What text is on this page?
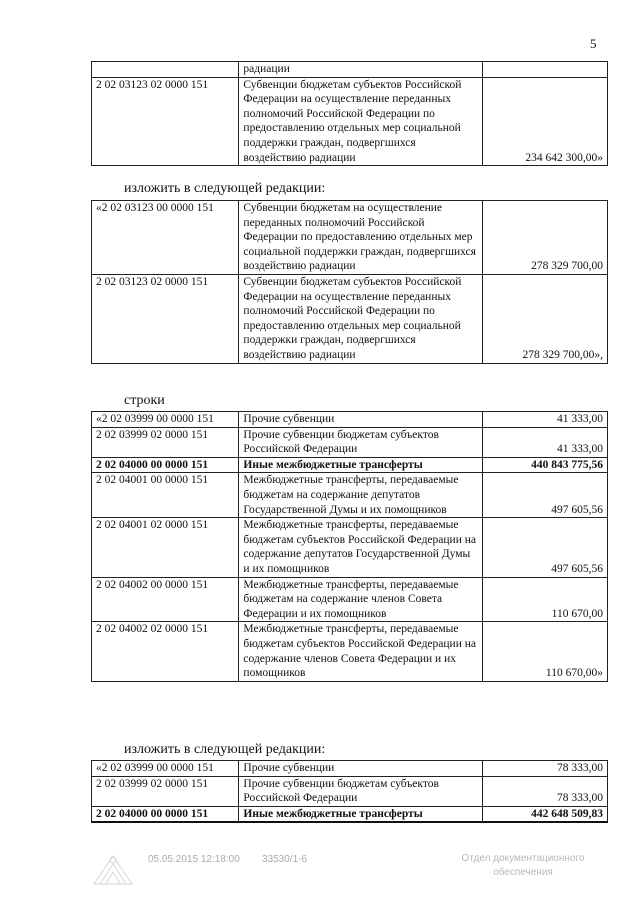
5
	радиации	
2 02 03123 02 0000 151	Субвенции бюджетам субъектов Российской Федерации на осуществление переданных полномочий Российской Федерации по предоставлению отдельных мер социальной поддержки граждан, подвергшихся воздействию радиации	234 642 300,00»
изложить в следующей редакции:
«2 02 03123 00 0000 151	Субвенции бюджетам на осуществление переданных полномочий Российской Федерации по предоставлению отдельных мер социальной поддержки граждан, подвергшихся воздействию радиации	278 329 700,00
2 02 03123 02 0000 151	Субвенции бюджетам субъектов Российской Федерации на осуществление переданных полномочий Российской Федерации по предоставлению отдельных мер социальной поддержки граждан, подвергшихся воздействию радиации	278 329 700,00»,
строки
«2 02 03999 00 0000 151	Прочие субвенции	41 333,00
2 02 03999 02 0000 151	Прочие субвенции бюджетам субъектов Российской Федерации	41 333,00
2 02 04000 00 0000 151	Иные межбюджетные трансферты	440 843 775,56
2 02 04001 00 0000 151	Межбюджетные трансферты, передаваемые бюджетам на содержание депутатов Государственной Думы и их помощников	497 605,56
2 02 04001 02 0000 151	Межбюджетные трансферты, передаваемые бюджетам субъектов Российской Федерации на содержание депутатов Государственной Думы и их помощников	497 605,56
2 02 04002 00 0000 151	Межбюджетные трансферты, передаваемые бюджетам на содержание членов Совета Федерации и их помощников	110 670,00
2 02 04002 02 0000 151	Межбюджетные трансферты, передаваемые бюджетам субъектов Российской Федерации на содержание членов Совета Федерации и их помощников	110 670,00»
изложить в следующей редакции:
«2 02 03999 00 0000 151	Прочие субвенции	78 333,00
2 02 03999 02 0000 151	Прочие субвенции бюджетам субъектов Российской Федерации	78 333,00
2 02 04000 00 0000 151	Иные межбюджетные трансферты	442 648 509,83
05.05.2015 12:18:00 33530/1-6	Отдел документационного
обеспечения
